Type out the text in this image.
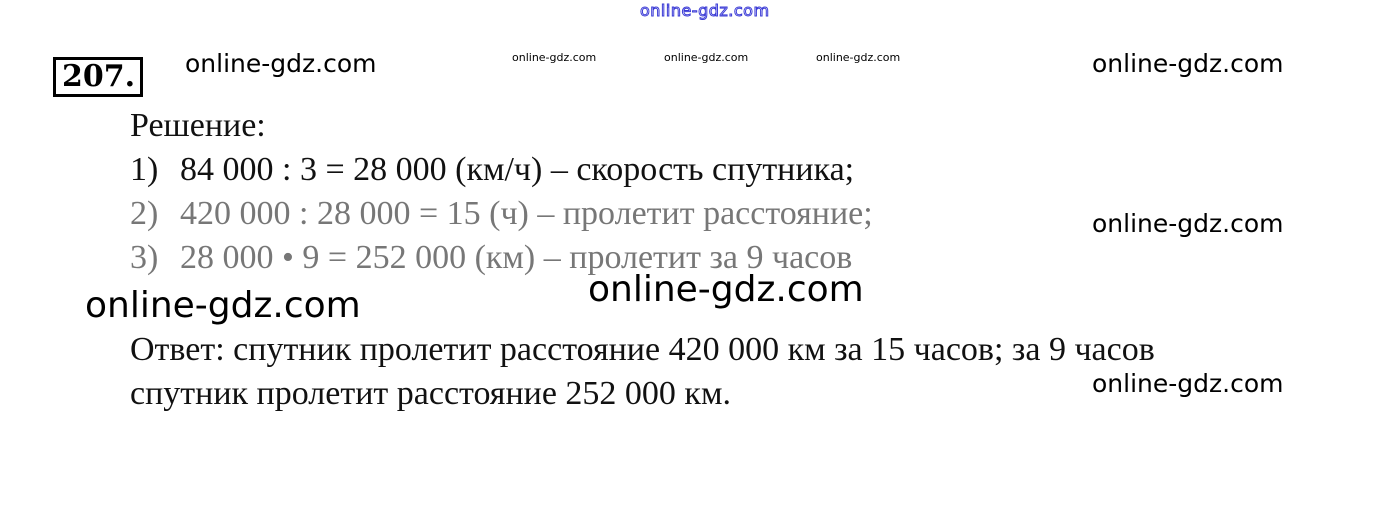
online-gdz.com
207.	online-gdz.com	online-gdz.com	online-gdz.com	online-gdz.com	online-gdz.com
Решение:
1) 84 000 : 3 = 28 000 (км/ч) – скорость спутника;
2) 420 000 : 28 000 = 15 (ч) – пролетит расстояние;
3) 28 000 • 9 = 252 000 (км) – пролетит за 9 часов
online-gdz.com
online-gdz.com
online-gdz.com
Ответ: спутник пролетит расстояние 420 000 км за 15 часов; за 9 часов
спутник пролетит расстояние 252 000 км.	online-gdz.com
